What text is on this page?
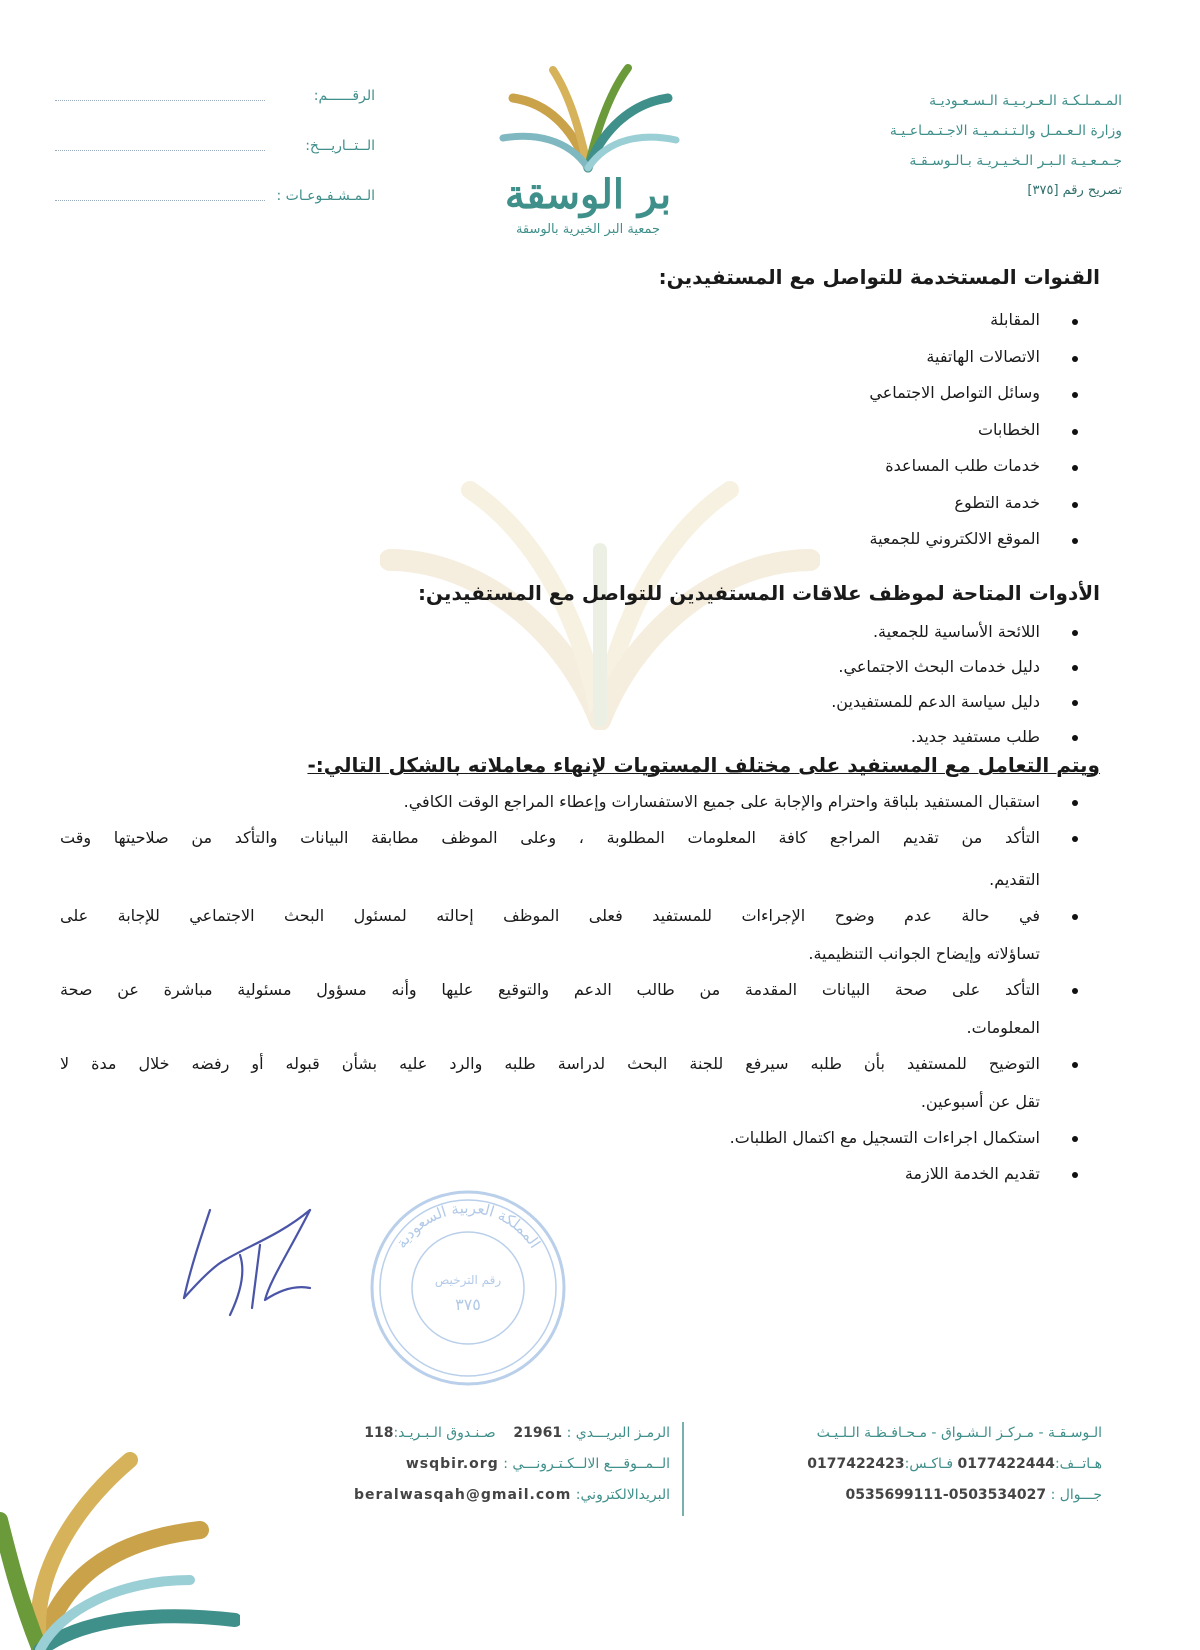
المـمـلـكـة الـعـربـيـة الـسـعـوديـة
وزارة الـعـمـل والـتـنـمـيـة الاجـتـمـاعـيـة
جـمـعـيـة الـبـر الـخـيـريـة بـالـوسـقـة
تصريح رقم [٣٧٥]
بر الوسقة
جمعية البر الخيرية بالوسقة
الرقــــــم:
الــتــاريـــخ:
الـمـشـفـوعـات :
القنوات المستخدمة للتواصل مع المستفيدين:
المقابلة
الاتصالات الهاتفية
وسائل التواصل الاجتماعي
الخطابات
خدمات طلب المساعدة
خدمة التطوع
الموقع الالكتروني للجمعية
الأدوات المتاحة لموظف علاقات المستفيدين للتواصل مع المستفيدين:
اللائحة الأساسية للجمعية.
دليل خدمات البحث الاجتماعي.
دليل سياسة الدعم للمستفيدين.
طلب مستفيد جديد.
ويتم التعامل مع المستفيد على مختلف المستويات لإنهاء معاملاته بالشكل التالي:-
استقبال المستفيد بلباقة واحترام والإجابة على جميع الاستفسارات وإعطاء المراجع الوقت الكافي.
التأكد من تقديم المراجع كافة المعلومات المطلوبة ، وعلى الموظف مطابقة البيانات والتأكد من صلاحيتها وقت
التقديم.
في حالة عدم وضوح الإجراءات للمستفيد فعلى الموظف إحالته لمسئول البحث الاجتماعي للإجابة على
تساؤلاته وإيضاح الجوانب التنظيمية.
التأكد على صحة البيانات المقدمة من طالب الدعم والتوقيع عليها وأنه مسؤول مسئولية مباشرة عن صحة
المعلومات.
التوضيح للمستفيد بأن طلبه سيرفع للجنة البحث لدراسة طلبه والرد عليه بشأن قبوله أو رفضه خلال مدة لا
تقل عن أسبوعين.
استكمال اجراءات التسجيل مع اكتمال الطلبات.
تقديم الخدمة اللازمة
المملكة العربية السعودية
رقم الترخيص
٣٧٥
الـوسـقـة - مـركـز الـشـواق - مـحـافـظـة الـلـيـث
هـاتــف:0177422444 فـاكـس:0177422423
جـــوال : 0535699111-0503534027
الرمـز البريـــدي : 21961    صـنـدوق الـبـريـد:118
الــمــوقـــع الالــكـتـرونـــي : wsqbir.org
البريدالالكتروني: beralwasqah@gmail.com
